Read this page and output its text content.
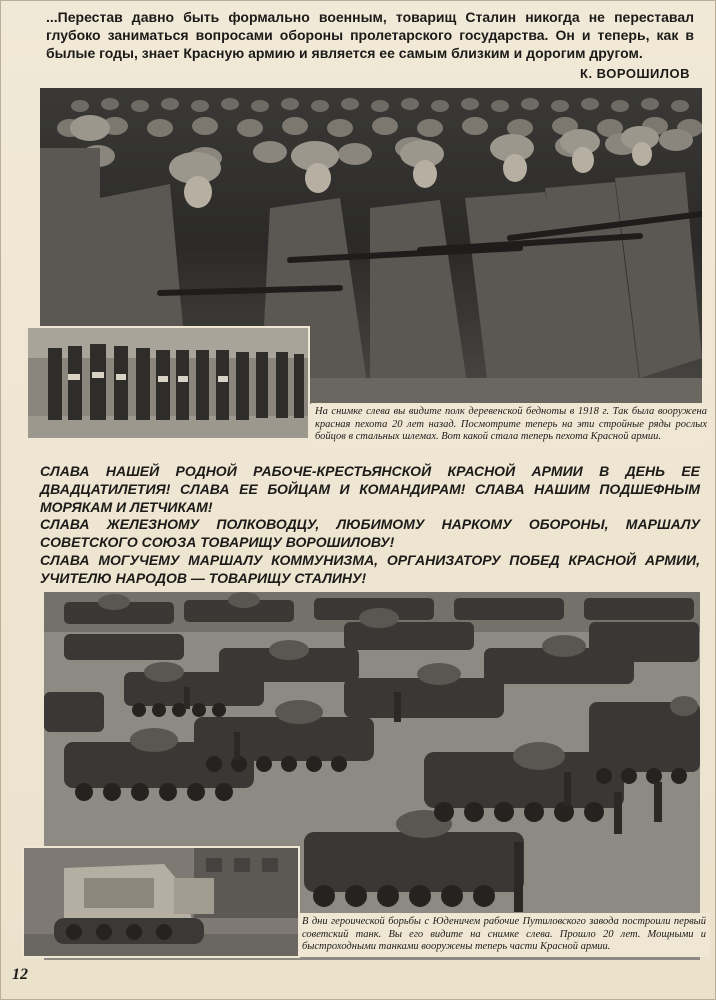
...Перестав давно быть формально военным, товарищ Сталин никогда не переставал глубоко заниматься вопросами обороны пролетарского государства. Он и теперь, как в былые годы, знает Красную армию и является ее самым близким и дорогим другом.
К. ВОРОШИЛОВ
На снимке слева вы видите полк деревенской бедноты в 1918 г. Так была вооружена красная пехота 20 лет назад. Посмотрите теперь на эти стройные ряды рослых бойцов в стальных шлемах. Вот какой стала теперь пехота Красной армии.
СЛАВА НАШЕЙ РОДНОЙ РАБОЧЕ-КРЕСТЬЯНСКОЙ КРАСНОЙ АРМИИ В ДЕНЬ ЕЕ ДВАДЦАТИЛЕТИЯ! СЛАВА ЕЕ БОЙЦАМ И КОМАНДИРАМ! СЛАВА НАШИМ ПОДШЕФНЫМ МОРЯКАМ И ЛЕТЧИКАМ!
СЛАВА ЖЕЛЕЗНОМУ ПОЛКОВОДЦУ, ЛЮБИМОМУ НАРКОМУ ОБОРОНЫ, МАРШАЛУ СОВЕТСКОГО СОЮЗА ТОВАРИЩУ ВОРОШИЛОВУ!
СЛАВА МОГУЧЕМУ МАРШАЛУ КОММУНИЗМА, ОРГАНИЗАТОРУ ПОБЕД КРАСНОЙ АРМИИ, УЧИТЕЛЮ НАРОДОВ — ТОВАРИЩУ СТАЛИНУ!
В дни героической борьбы с Юденичем рабочие Путиловского завода построили первый советский танк. Вы его видите на снимке слева. Прошло 20 лет. Мощными и быстроходными танками вооружены теперь части Красной армии.
12
